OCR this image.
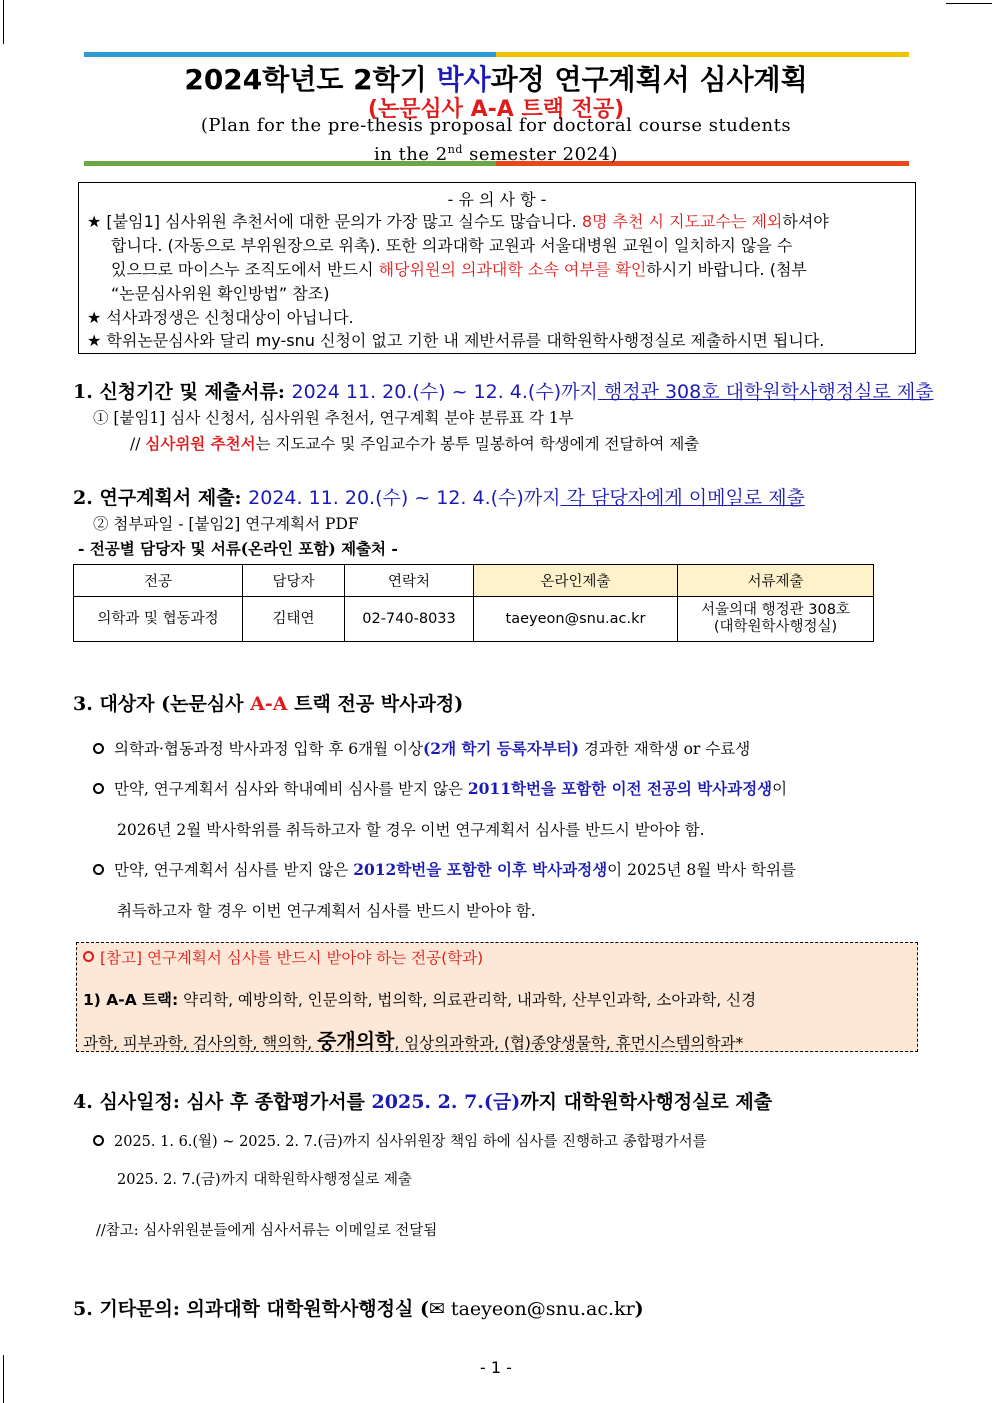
2024학년도 2학기 박사과정 연구계획서 심사계획
(논문심사 A-A 트랙 전공)
(Plan for the pre-thesis proposal for doctoral course students
in the 2nd semester 2024)
- 유 의 사 항 -
★ [붙임1] 심사위원 추천서에 대한 문의가 가장 많고 실수도 많습니다. 8명 추천 시 지도교수는 제외하셔야
합니다. (자동으로 부위원장으로 위촉). 또한 의과대학 교원과 서울대병원 교원이 일치하지 않을 수
있으므로 마이스누 조직도에서 반드시 해당위원의 의과대학 소속 여부를 확인하시기 바랍니다. (첨부
“논문심사위원 확인방법” 참조)
★ 석사과정생은 신청대상이 아닙니다.
★ 학위논문심사와 달리 my-snu 신청이 없고 기한 내 제반서류를 대학원학사행정실로 제출하시면 됩니다.
1. 신청기간 및 제출서류: 2024 11. 20.(수) ~ 12. 4.(수)까지 행정관 308호 대학원학사행정실로 제출
① [붙임1] 심사 신청서, 심사위원 추천서, 연구계획 분야 분류표 각 1부
// 심사위원 추천서는 지도교수 및 주임교수가 봉투 밀봉하여 학생에게 전달하여 제출
2. 연구계획서 제출: 2024. 11. 20.(수) ~ 12. 4.(수)까지 각 담당자에게 이메일로 제출
② 첨부파일 - [붙임2] 연구계획서 PDF
- 전공별 담당자 및 서류(온라인 포함) 제출처 -
전공	담당자	연락처	온라인제출	서류제출
의학과 및 협동과정	김태연	02-740-8033	taeyeon@snu.ac.kr	서울의대 행정관 308호
(대학원학사행정실)
3. 대상자 (논문심사 A-A 트랙 전공 박사과정)
의학과·협동과정 박사과정 입학 후 6개월 이상(2개 학기 등록자부터) 경과한 재학생 or 수료생
만약, 연구계획서 심사와 학내예비 심사를 받지 않은 2011학번을 포함한 이전 전공의 박사과정생이
2026년 2월 박사학위를 취득하고자 할 경우 이번 연구계획서 심사를 반드시 받아야 함.
만약, 연구계획서 심사를 받지 않은 2012학번을 포함한 이후 박사과정생이 2025년 8월 박사 학위를
취득하고자 할 경우 이번 연구계획서 심사를 반드시 받아야 함.
[참고] 연구계획서 심사를 반드시 받아야 하는 전공(학과)
1) A-A 트랙: 약리학, 예방의학, 인문의학, 법의학, 의료관리학, 내과학, 산부인과학, 소아과학, 신경
과학, 피부과학, 검사의학, 핵의학, 중개의학, 임상의과학과, (협)종양생물학, 휴먼시스템의학과*
4. 심사일정: 심사 후 종합평가서를 2025. 2. 7.(금)까지 대학원학사행정실로 제출
2025. 1. 6.(월) ~ 2025. 2. 7.(금)까지 심사위원장 책임 하에 심사를 진행하고 종합평가서를
2025. 2. 7.(금)까지 대학원학사행정실로 제출
//참고: 심사위원분들에게 심사서류는 이메일로 전달됨
5. 기타문의: 의과대학 대학원학사행정실 (✉ taeyeon@snu.ac.kr)
- 1 -
